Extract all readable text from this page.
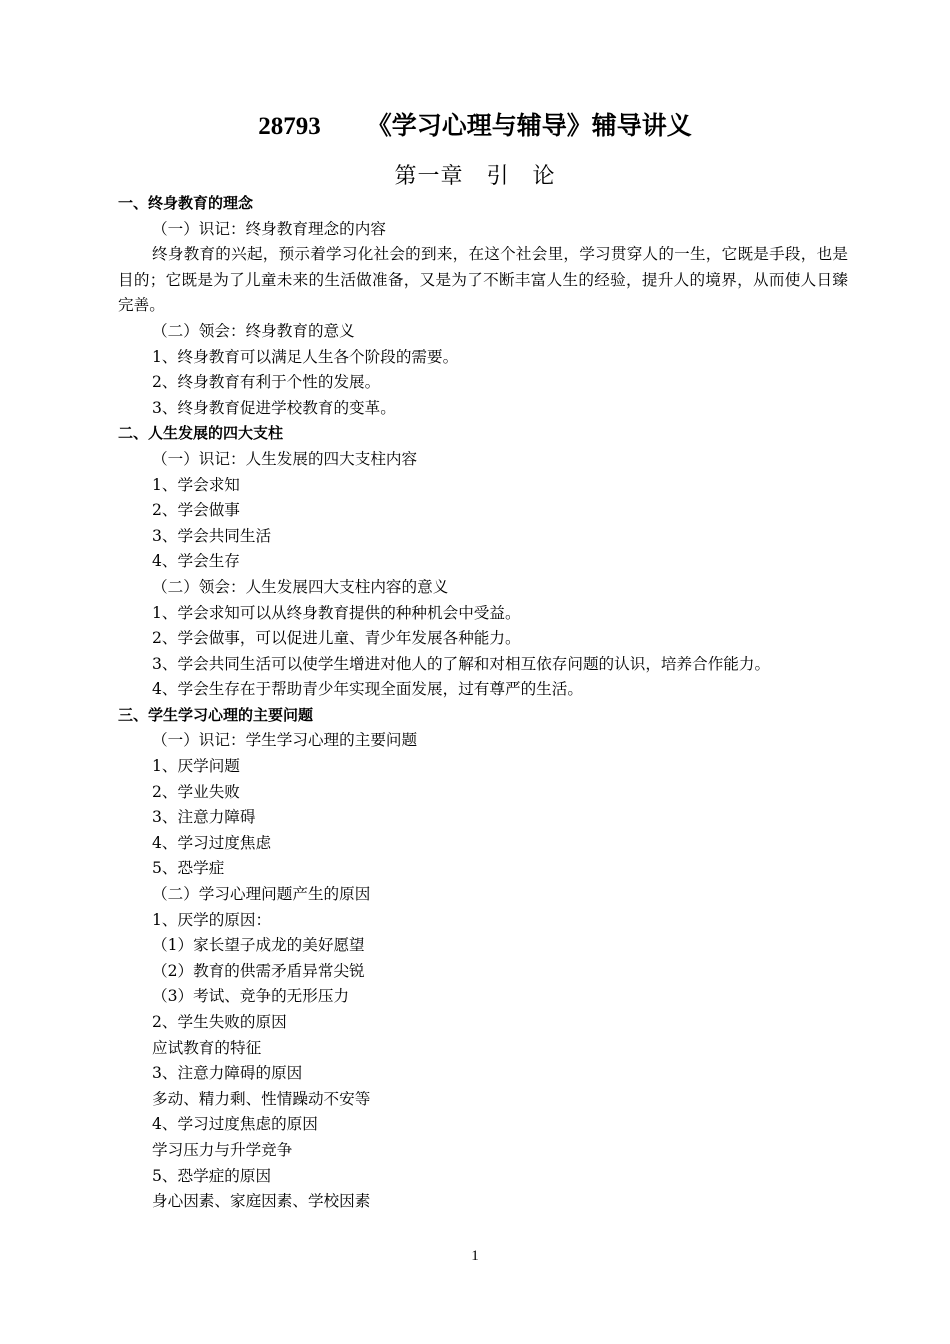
28793 《学习心理与辅导》辅导讲义
第一章　引　论
一、终身教育的理念
（一）识记：终身教育理念的内容

终身教育的兴起，预示着学习化社会的到来，在这个社会里，学习贯穿人的一生，它既是手段，也是目的；它既是为了儿童未来的生活做准备，又是为了不断丰富人生的经验，提升人的境界，从而使人日臻完善。

（二）领会：终身教育的意义
1、终身教育可以满足人生各个阶段的需要。
2、终身教育有利于个性的发展。
3、终身教育促进学校教育的变革。
二、人生发展的四大支柱
（一）识记：人生发展的四大支柱内容
1、学会求知
2、学会做事
3、学会共同生活
4、学会生存
（二）领会：人生发展四大支柱内容的意义
1、学会求知可以从终身教育提供的种种机会中受益。
2、学会做事，可以促进儿童、青少年发展各种能力。
3、学会共同生活可以使学生增进对他人的了解和对相互依存问题的认识，培养合作能力。
4、学会生存在于帮助青少年实现全面发展，过有尊严的生活。
三、学生学习心理的主要问题
（一）识记：学生学习心理的主要问题
1、厌学问题
2、学业失败
3、注意力障碍
4、学习过度焦虑
5、恐学症
（二）学习心理问题产生的原因
1、厌学的原因：
（1）家长望子成龙的美好愿望
（2）教育的供需矛盾异常尖锐
（3）考试、竞争的无形压力
2、学生失败的原因
应试教育的特征
3、注意力障碍的原因
多动、精力剩、性情躁动不安等
4、学习过度焦虑的原因
学习压力与升学竞争
5、恐学症的原因
身心因素、家庭因素、学校因素
1
